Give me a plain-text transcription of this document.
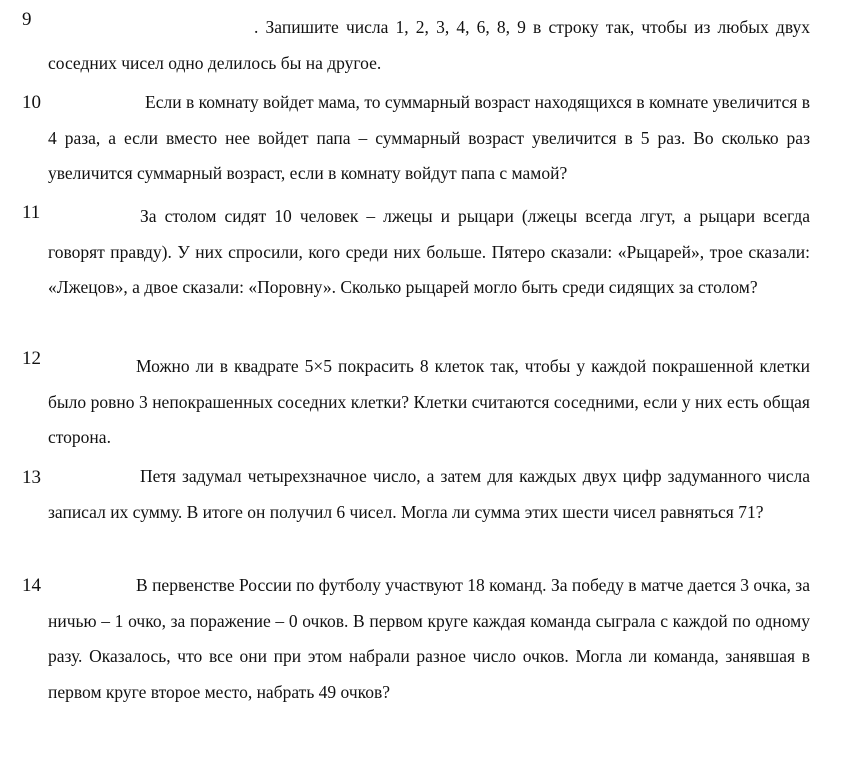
9	. Запишите числа 1, 2, 3, 4, 6, 8, 9 в строку так, чтобы из любых двух соседних чисел одно делилось бы на другое.

10	Если в комнату войдет мама, то суммарный возраст находящихся в комнате увеличится в 4 раза, а если вместо нее войдет папа – суммарный возраст увеличится в 5 раз. Во сколько раз увеличится суммарный возраст, если в комнату войдут папа с мамой?

11	За столом сидят 10 человек – лжецы и рыцари (лжецы всегда лгут, а рыцари всегда говорят правду). У них спросили, кого среди них больше. Пятеро сказали: «Рыцарей», трое сказали: «Лжецов», а двое сказали: «Поровну». Сколько рыцарей могло быть среди сидящих за столом?

12	Можно ли в квадрате 5×5 покрасить 8 клеток так, чтобы у каждой покрашенной клетки было ровно 3 непокрашенных соседних клетки? Клетки считаются соседними, если у них есть общая сторона.

13	Петя задумал четырехзначное число, а затем для каждых двух цифр задуманного числа записал их сумму. В итоге он получил 6 чисел. Могла ли сумма этих шести чисел равняться 71?

14	В первенстве России по футболу участвуют 18 команд. За победу в матче дается 3 очка, за ничью – 1 очко, за поражение – 0 очков. В первом круге каждая команда сыграла с каждой по одному разу. Оказалось, что все они при этом набрали разное число очков. Могла ли команда, занявшая в первом круге второе место, набрать 49 очков?
